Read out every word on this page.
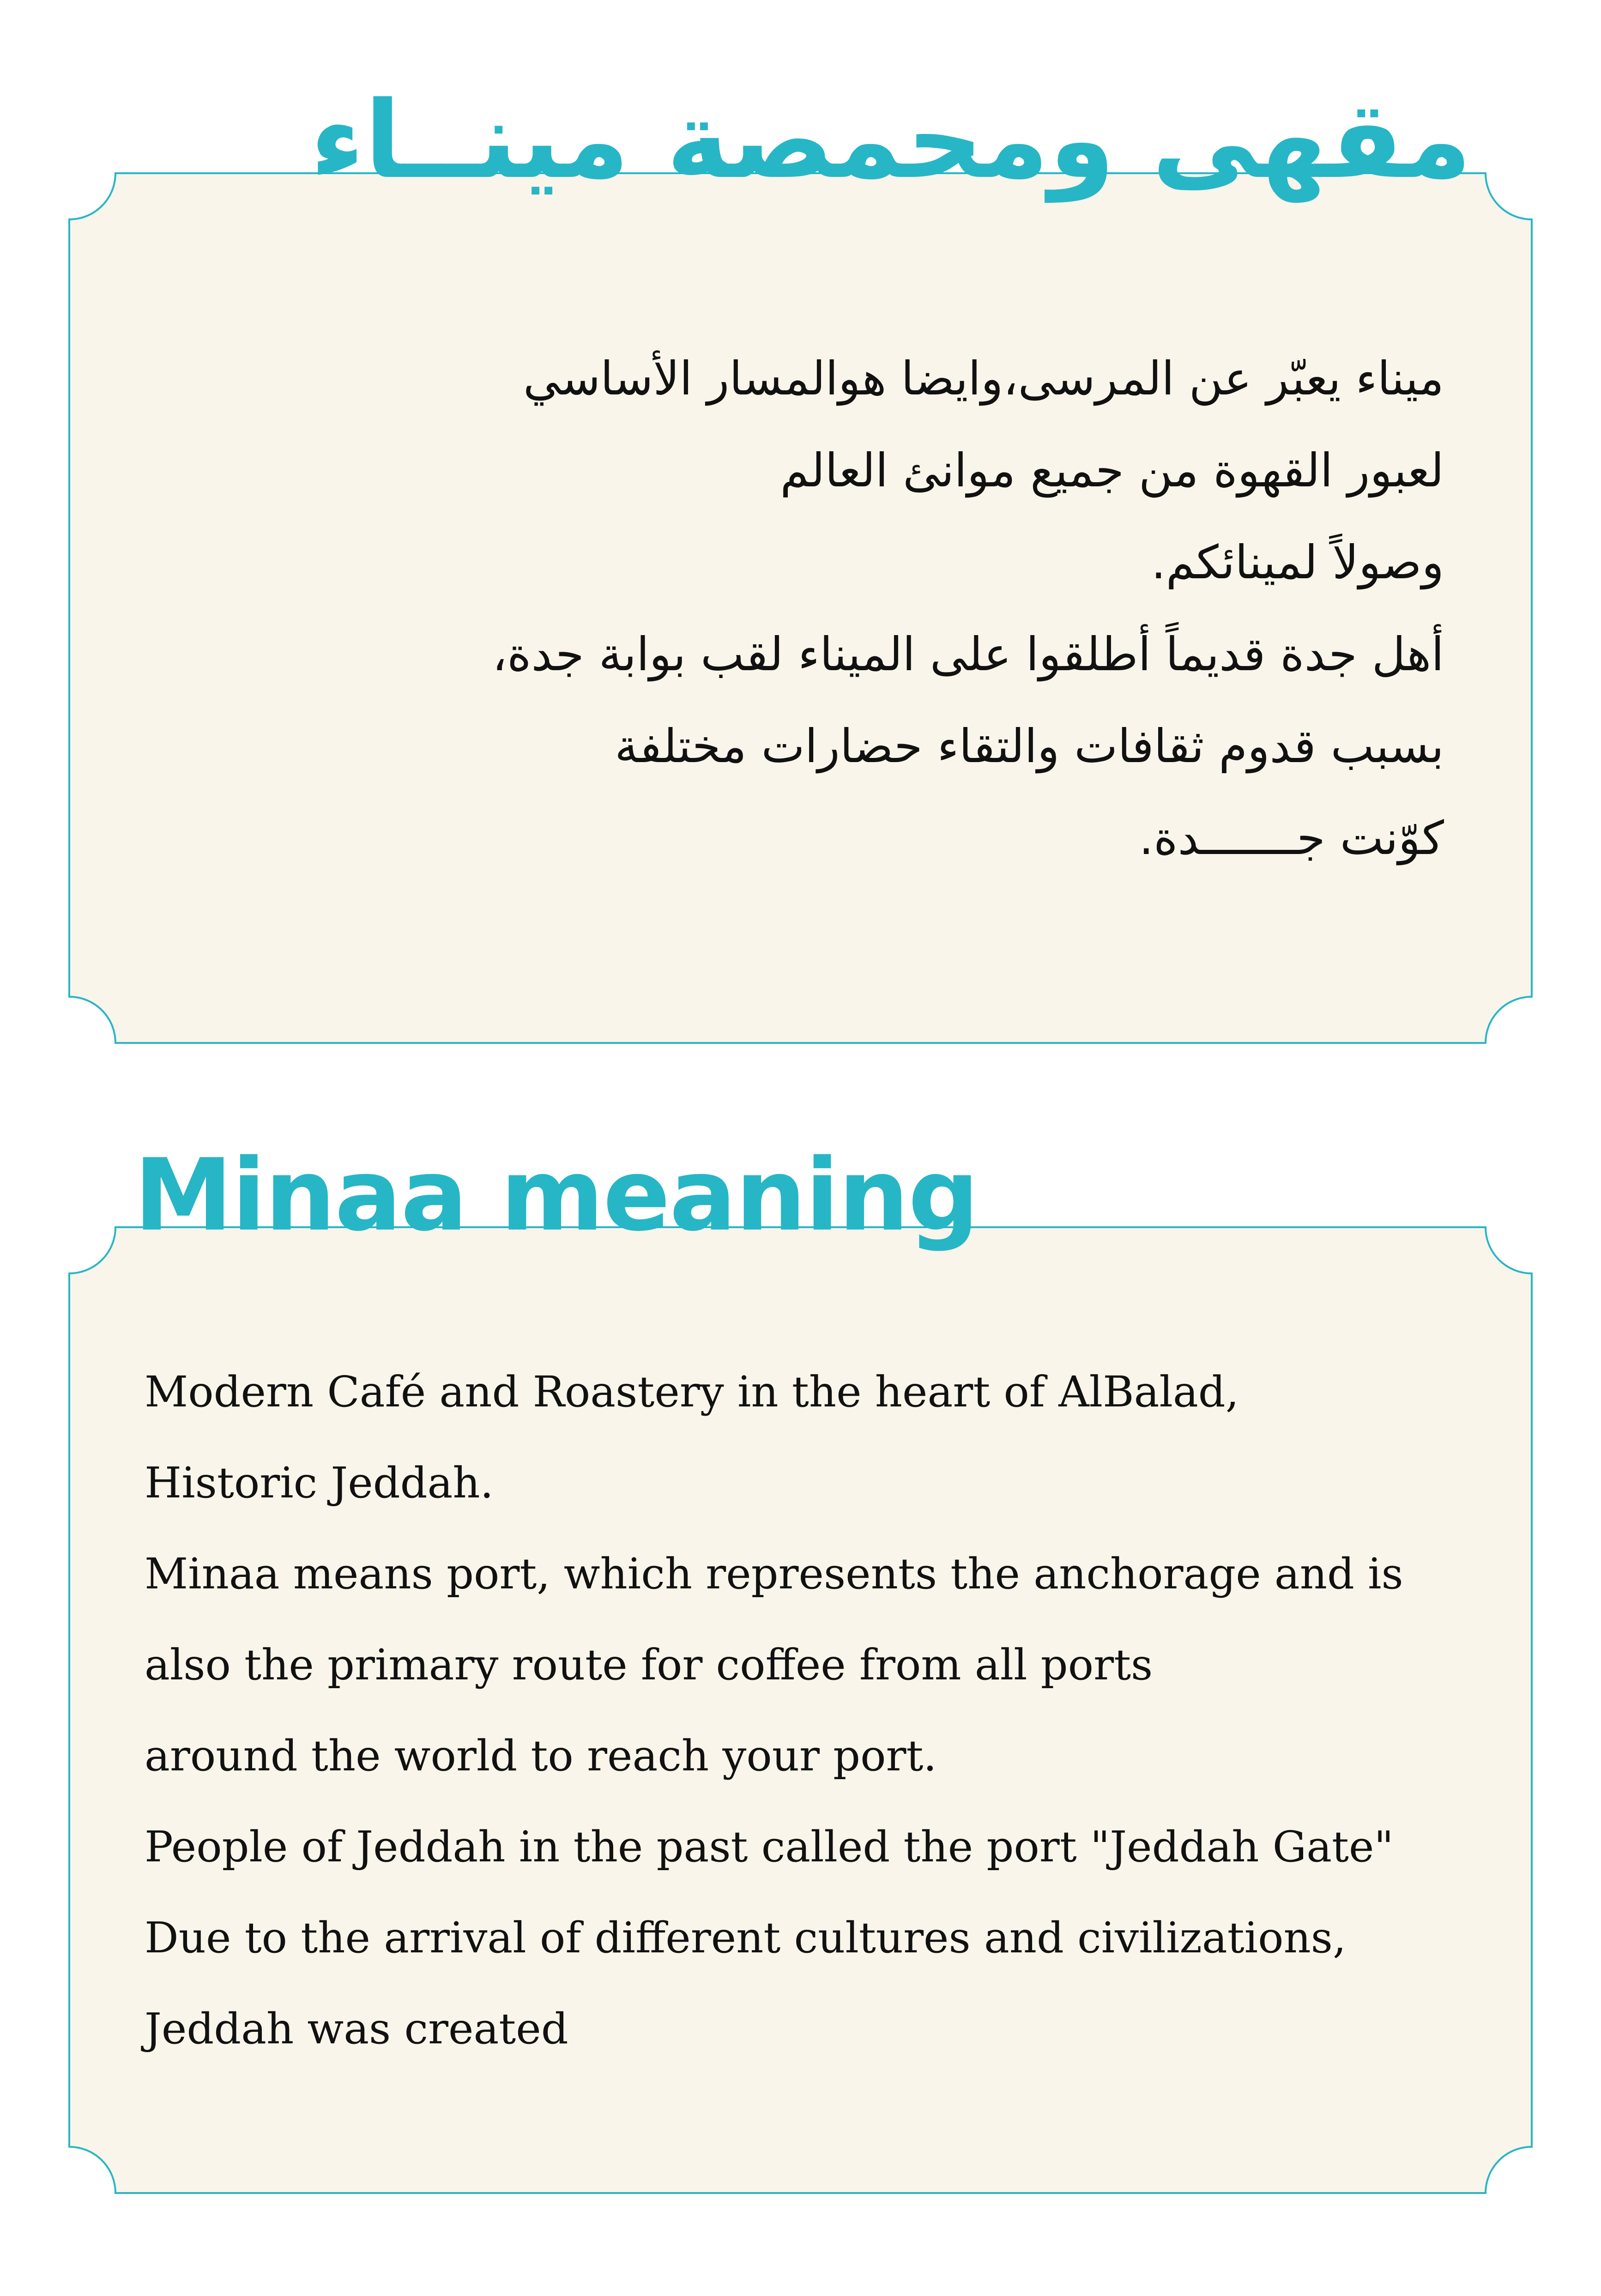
مقهى ومحمصة مينــاء
ميناء يعبّر عن المرسى،وايضا هوالمسار الأساسي
لعبور القهوة من جميع موانئ العالم
وصولاً لمينائكم.
أهل جدة قديماً أطلقوا على الميناء لقب بوابة جدة،
بسبب قدوم ثقافات والتقاء حضارات مختلفة
كوّنت جـــــــدة.
Minaa meaning
Modern Café and Roastery in the heart of AlBalad,
Historic Jeddah.
Minaa means port, which represents the anchorage and is
also the primary route for coffee from all ports
around the world to reach your port.
People of Jeddah in the past called the port "Jeddah Gate"
Due to the arrival of different cultures and civilizations,
Jeddah was created
